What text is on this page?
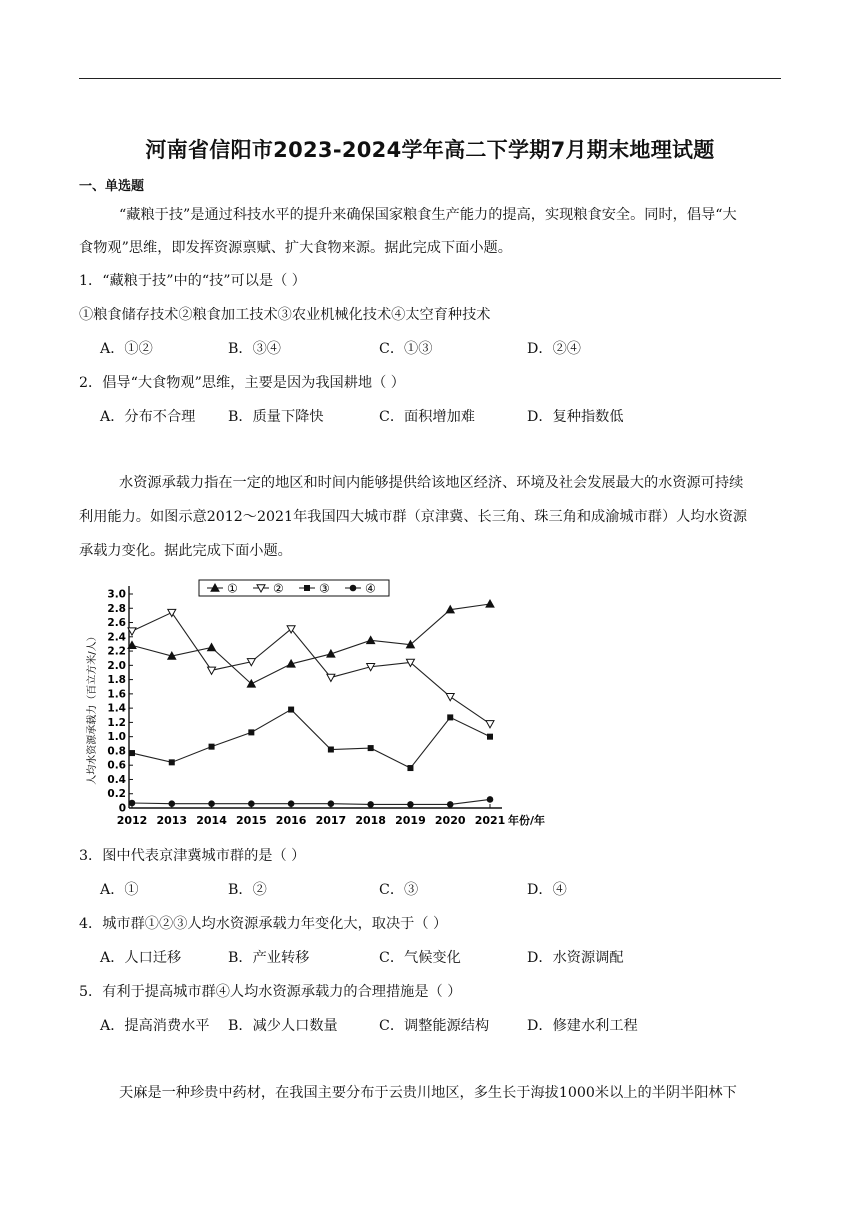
河南省信阳市2023-2024学年高二下学期7月期末地理试题
一、单选题
“藏粮于技”是通过科技水平的提升来确保国家粮食生产能力的提高，实现粮食安全。同时，倡导“大
食物观”思维，即发挥资源禀赋、扩大食物来源。据此完成下面小题。
1．“藏粮于技”中的“技”可以是（ ）
①粮食储存技术②粮食加工技术③农业机械化技术④太空育种技术
A．①②	B．③④	C．①③	D．②④
2．倡导“大食物观”思维，主要是因为我国耕地（ ）
A．分布不合理 B．质量下降快	C．面积增加难	D．复种指数低
水资源承载力指在一定的地区和时间内能够提供给该地区经济、环境及社会发展最大的水资源可持续
利用能力。如图示意2012～2021年我国四大城市群（京津冀、长三角、珠三角和成渝城市群）人均水资源
承载力变化。据此完成下面小题。
0
0.2
0.4
0.6
0.8
1.0
1.2
1.4
1.6
1.8
2.0
2.2
2.4
2.6
2.8
3.0
2012 2013 2014 2015 2016 2017 2018 2019 2020 2021 年份/年
①	②	③	④
人均水资源承载力（百立方米/人）
3．图中代表京津冀城市群的是（ ）
A．①	B．②	C．③	D．④
4．城市群①②③人均水资源承载力年变化大，取决于（ ）
A．人口迁移	B．产业转移	C．气候变化	D．水资源调配
5．有利于提高城市群④人均水资源承载力的合理措施是（ ）
A．提高消费水平 B．减少人口数量	C．调整能源结构	D．修建水利工程
天麻是一种珍贵中药材，在我国主要分布于云贵川地区，多生长于海拔1000米以上的半阴半阳林下
